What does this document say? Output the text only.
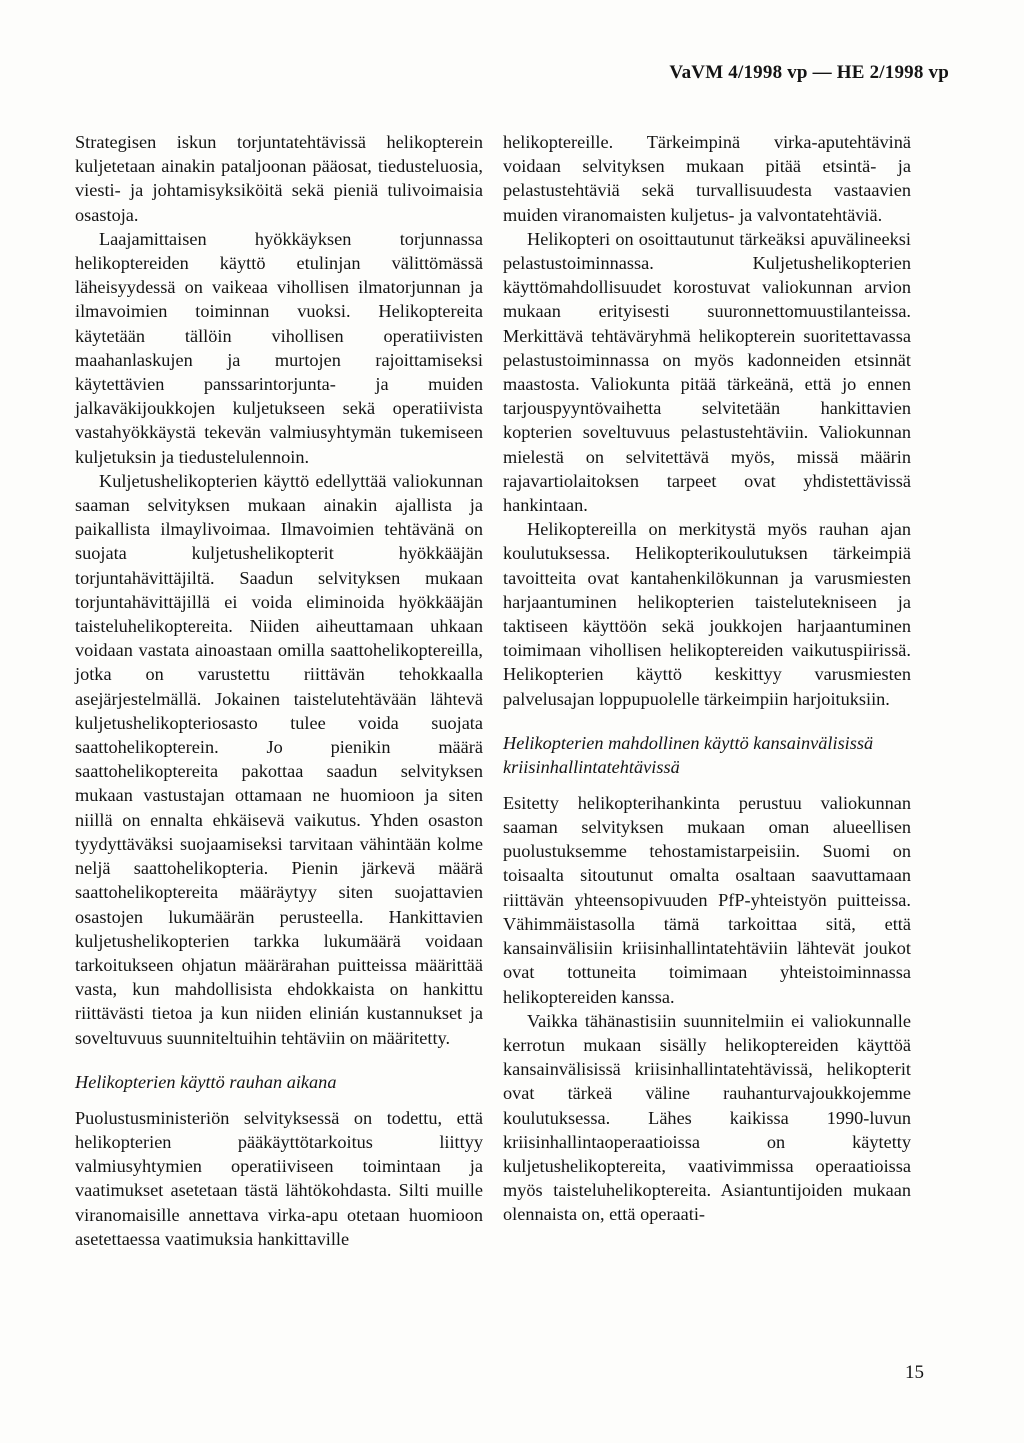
VaVM 4/1998 vp — HE 2/1998 vp

Strategisen iskun torjuntatehtävissä helikopterein kuljetetaan ainakin pataljoonan pääosat, tiedusteluosia, viesti- ja johtamisyksiköitä sekä pieniä tulivoimaisia osastoja.

Laajamittaisen hyökkäyksen torjunnassa helikoptereiden käyttö etulinjan välittömässä läheisyydessä on vaikeaa vihollisen ilmatorjunnan ja ilmavoimien toiminnan vuoksi. Helikoptereita käytetään tällöin vihollisen operatiivisten maahanlaskujen ja murtojen rajoittamiseksi käytettävien panssarintorjunta- ja muiden jalkaväkijoukkojen kuljetukseen sekä operatiivista vastahyökkäystä tekevän valmiusyhtymän tukemiseen kuljetuksin ja tiedustelulennoin.

Kuljetushelikopterien käyttö edellyttää valiokunnan saaman selvityksen mukaan ainakin ajallista ja paikallista ilmaylivoimaa. Ilmavoimien tehtävänä on suojata kuljetushelikopterit hyökkääjän torjuntahävittäjiltä. Saadun selvityksen mukaan torjuntahävittäjillä ei voida eliminoida hyökkääjän taisteluhelikoptereita. Niiden aiheuttamaan uhkaan voidaan vastata ainoastaan omilla saattohelikoptereilla, jotka on varustettu riittävän tehokkaalla asejärjestelmällä. Jokainen taistelutehtävään lähtevä kuljetushelikopteriosasto tulee voida suojata saattohelikopterein. Jo pienikin määrä saattohelikoptereita pakottaa saadun selvityksen mukaan vastustajan ottamaan ne huomioon ja siten niillä on ennalta ehkäisevä vaikutus. Yhden osaston tyydyttäväksi suojaamiseksi tarvitaan vähintään kolme neljä saattohelikopteria. Pienin järkevä määrä saattohelikoptereita määräytyy siten suojattavien osastojen lukumäärän perusteella. Hankittavien kuljetushelikopterien tarkka lukumäärä voidaan tarkoitukseen ohjatun määrärahan puitteissa määrittää vasta, kun mahdollisista ehdokkaista on hankittu riittävästi tietoa ja kun niiden elinián kustannukset ja soveltuvuus suunniteltuihin tehtäviin on määritetty.

Helikopterien käyttö rauhan aikana

Puolustusministeriön selvityksessä on todettu, että helikopterien pääkäyttötarkoitus liittyy valmiusyhtymien operatiiviseen toimintaan ja vaatimukset asetetaan tästä lähtökohdasta. Silti muille viranomaisille annettava virka-apu otetaan huomioon asetettaessa vaatimuksia hankittaville

helikoptereille. Tärkeimpinä virka-aputehtävinä voidaan selvityksen mukaan pitää etsintä- ja pelastustehtäviä sekä turvallisuudesta vastaavien muiden viranomaisten kuljetus- ja valvontatehtäviä.

Helikopteri on osoittautunut tärkeäksi apuvälineeksi pelastustoiminnassa. Kuljetushelikopterien käyttömahdollisuudet korostuvat valiokunnan arvion mukaan erityisesti suuronnettomuustilanteissa. Merkittävä tehtäväryhmä helikopterein suoritettavassa pelastustoiminnassa on myös kadonneiden etsinnät maastosta. Valiokunta pitää tärkeänä, että jo ennen tarjouspyyntövaihetta selvitetään hankittavien kopterien soveltuvuus pelastustehtäviin. Valiokunnan mielestä on selvitettävä myös, missä määrin rajavartiolaitoksen tarpeet ovat yhdistettävissä hankintaan.

Helikoptereilla on merkitystä myös rauhan ajan koulutuksessa. Helikopterikoulutuksen tärkeimpiä tavoitteita ovat kantahenkilökunnan ja varusmiesten harjaantuminen helikopterien taistelutekniseen ja taktiseen käyttöön sekä joukkojen harjaantuminen toimimaan vihollisen helikoptereiden vaikutuspiirissä. Helikopterien käyttö keskittyy varusmiesten palvelusajan loppupuolelle tärkeimpiin harjoituksiin.

Helikopterien mahdollinen käyttö kansainvälisissä kriisinhallintatehtävissä

Esitetty helikopterihankinta perustuu valiokunnan saaman selvityksen mukaan oman alueellisen puolustuksemme tehostamistarpeisiin. Suomi on toisaalta sitoutunut omalta osaltaan saavuttamaan riittävän yhteensopivuuden PfP-yhteistyön puitteissa. Vähimmäistasolla tämä tarkoittaa sitä, että kansainvälisiin kriisinhallintatehtäviin lähtevät joukot ovat tottuneita toimimaan yhteistoiminnassa helikoptereiden kanssa.

Vaikka tähänastisiin suunnitelmiin ei valiokunnalle kerrotun mukaan sisälly helikoptereiden käyttöä kansainvälisissä kriisinhallintatehtävissä, helikopterit ovat tärkeä väline rauhanturvajoukkojemme koulutuksessa. Lähes kaikissa 1990-luvun kriisinhallintaoperaatioissa on käytetty kuljetushelikoptereita, vaativimmissa operaatioissa myös taisteluhelikoptereita. Asiantuntijoiden mukaan olennaista on, että operaati-

15
